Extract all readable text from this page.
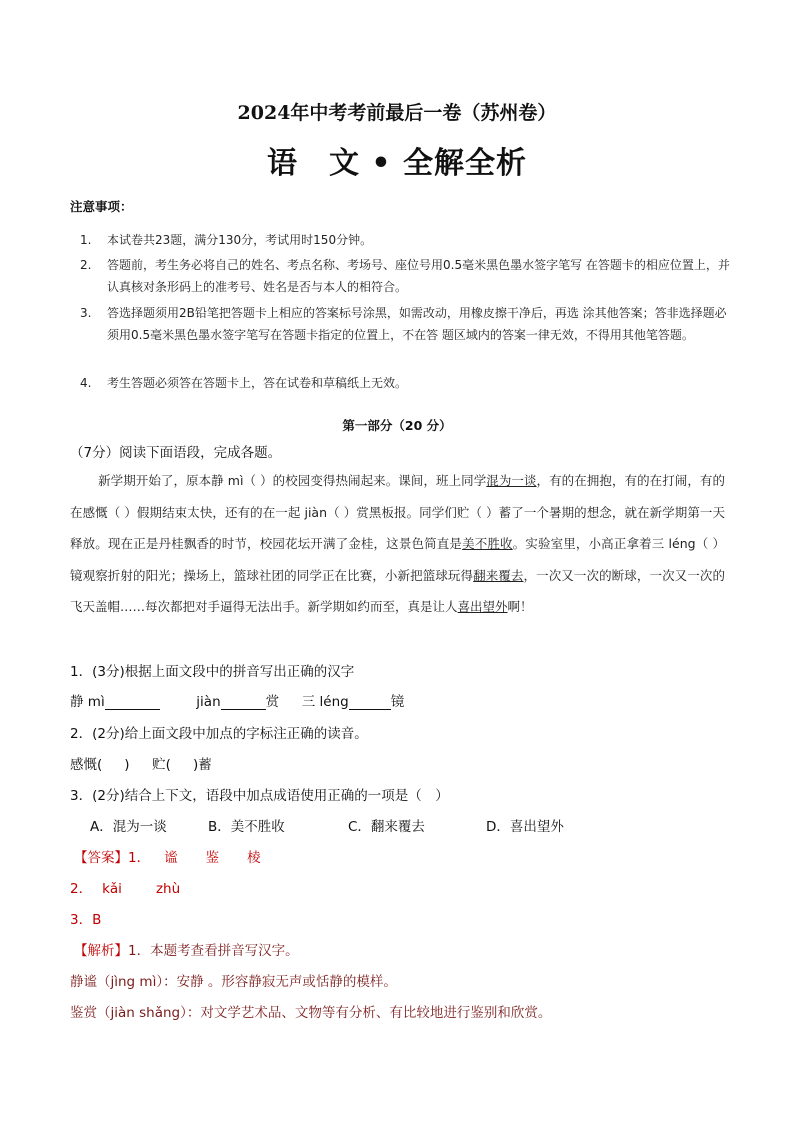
2024年中考考前最后一卷（苏州卷）
语　文 • 全解全析
注意事项：
1.	本试卷共23题，满分130分，考试用时150分钟。
2.	答题前，考生务必将自己的姓名、考点名称、考场号、座位号用0.5毫米黑色墨水签字笔写 在答题卡的相应位置上，并认真核对条形码上的准考号、姓名是否与本人的相符合。
3.	答选择题须用2B铅笔把答题卡上相应的答案标号涂黑，如需改动，用橡皮擦干净后，再选 涂其他答案；答非选择题必须用0.5毫米黑色墨水签字笔写在答题卡指定的位置上，不在答 题区域内的答案一律无效，不得用其他笔答题。
4.	考生答题必须答在答题卡上，答在试卷和草稿纸上无效。
第一部分（20 分）
（7分）阅读下面语段，完成各题。
新学期开始了，原本静 mì（ ）的校园变得热闹起来。课间，班上同学混为一谈，有的在拥抱，有的在打闹，有的在感慨（ ）假期结束太快，还有的在一起 jiàn（ ）赏黑板报。同学们贮（ ）蓄了一个暑期的想念，就在新学期第一天释放。现在正是丹桂飘香的时节，校园花坛开满了金桂，这景色简直是美不胜收。实验室里，小高正拿着三 léng（ ）镜观察折射的阳光；操场上，篮球社团的同学正在比赛，小新把篮球玩得翻来覆去，一次又一次的断球，一次又一次的飞天盖帽……每次都把对手逼得无法出手。新学期如约而至，真是让人喜出望外啊！
1．(3分)根据上面文段中的拼音写出正确的汉字
静 mì	jiàn	赏 三 léng	镜
2．(2分)给上面文段中加点的字标注正确的读音。
感慨( ) 贮( )蓄
3．(2分)结合上下文，语段中加点成语使用正确的一项是（　）
A．混为一谈	B．美不胜收	C．翻来覆去	D．喜出望外
【答案】1． 谧 鉴 棱
2． kǎi	zhù
3．B
【解析】1．本题考查看拼音写汉字。
静谧（jìng mì）：安静 。形容静寂无声或恬静的模样。
鉴赏（jiàn shǎng）：对文学艺术品、文物等有分析、有比较地进行鉴别和欣赏。
